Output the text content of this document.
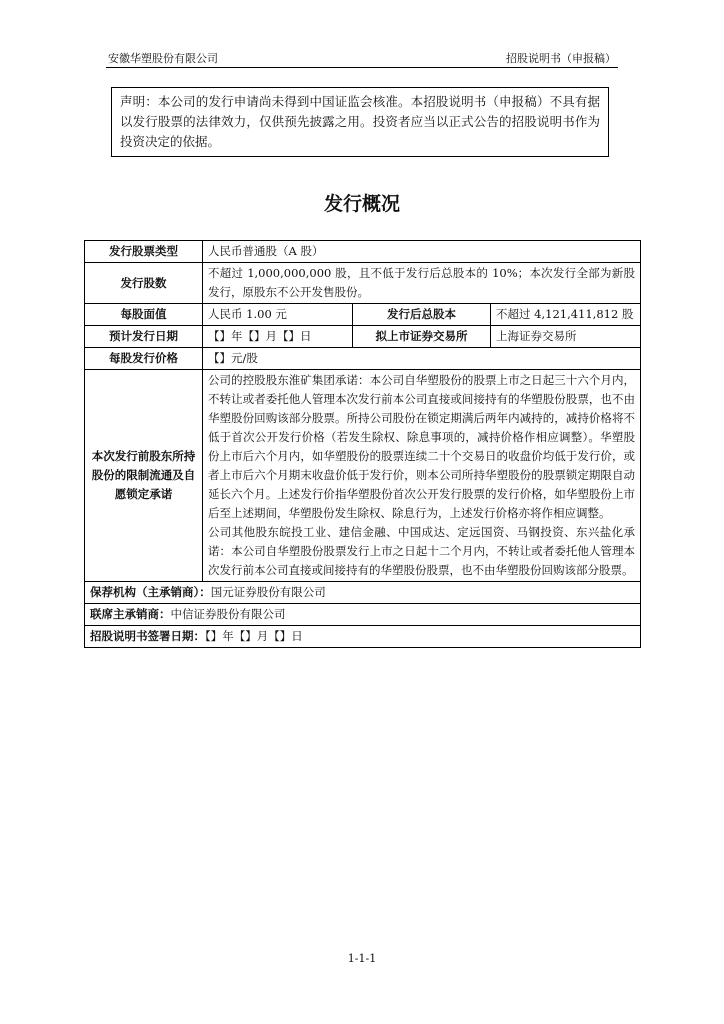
安徽华塑股份有限公司	招股说明书（申报稿）
声明：本公司的发行申请尚未得到中国证监会核准。本招股说明书（申报稿）不具有据以发行股票的法律效力，仅供预先披露之用。投资者应当以正式公告的招股说明书作为投资决定的依据。
发行概况
发行股票类型	人民币普通股（A 股）		
发行股数	不超过 1,000,000,000 股，且不低于发行后总股本的 10%；本次发行全部为新股发行，原股东不公开发售股份。		
每股面值	人民币 1.00 元	发行后总股本	不超过 4,121,411,812 股
预计发行日期	【】年【】月【】日	拟上市证券交易所	上海证券交易所
每股发行价格	【】元/股		
本次发行前股东所持股份的限制流通及自愿锁定承诺	公司的控股股东淮矿集团承诺：本公司自华塑股份的股票上市之日起三十六个月内，不转让或者委托他人管理本次发行前本公司直接或间接持有的华塑股份股票，也不由华塑股份回购该部分股票。所持公司股份在锁定期满后两年内减持的，减持价格将不低于首次公开发行价格（若发生除权、除息事项的，减持价格作相应调整）。华塑股份上市后六个月内，如华塑股份的股票连续二十个交易日的收盘价均低于发行价，或者上市后六个月期末收盘价低于发行价，则本公司所持华塑股份的股票锁定期限自动延长六个月。上述发行价指华塑股份首次公开发行股票的发行价格，如华塑股份上市后至上述期间，华塑股份发生除权、除息行为，上述发行价格亦将作相应调整。
公司其他股东皖投工业、建信金融、中国成达、定远国资、马钢投资、东兴盐化承诺：本公司自华塑股份股票发行上市之日起十二个月内，不转让或者委托他人管理本次发行前本公司直接或间接持有的华塑股份股票，也不由华塑股份回购该部分股票。		

保荐机构（主承销商）：国元证券股份有限公司			
联席主承销商：中信证券股份有限公司			
招股说明书签署日期：【】年【】月【】日			
1-1-1
